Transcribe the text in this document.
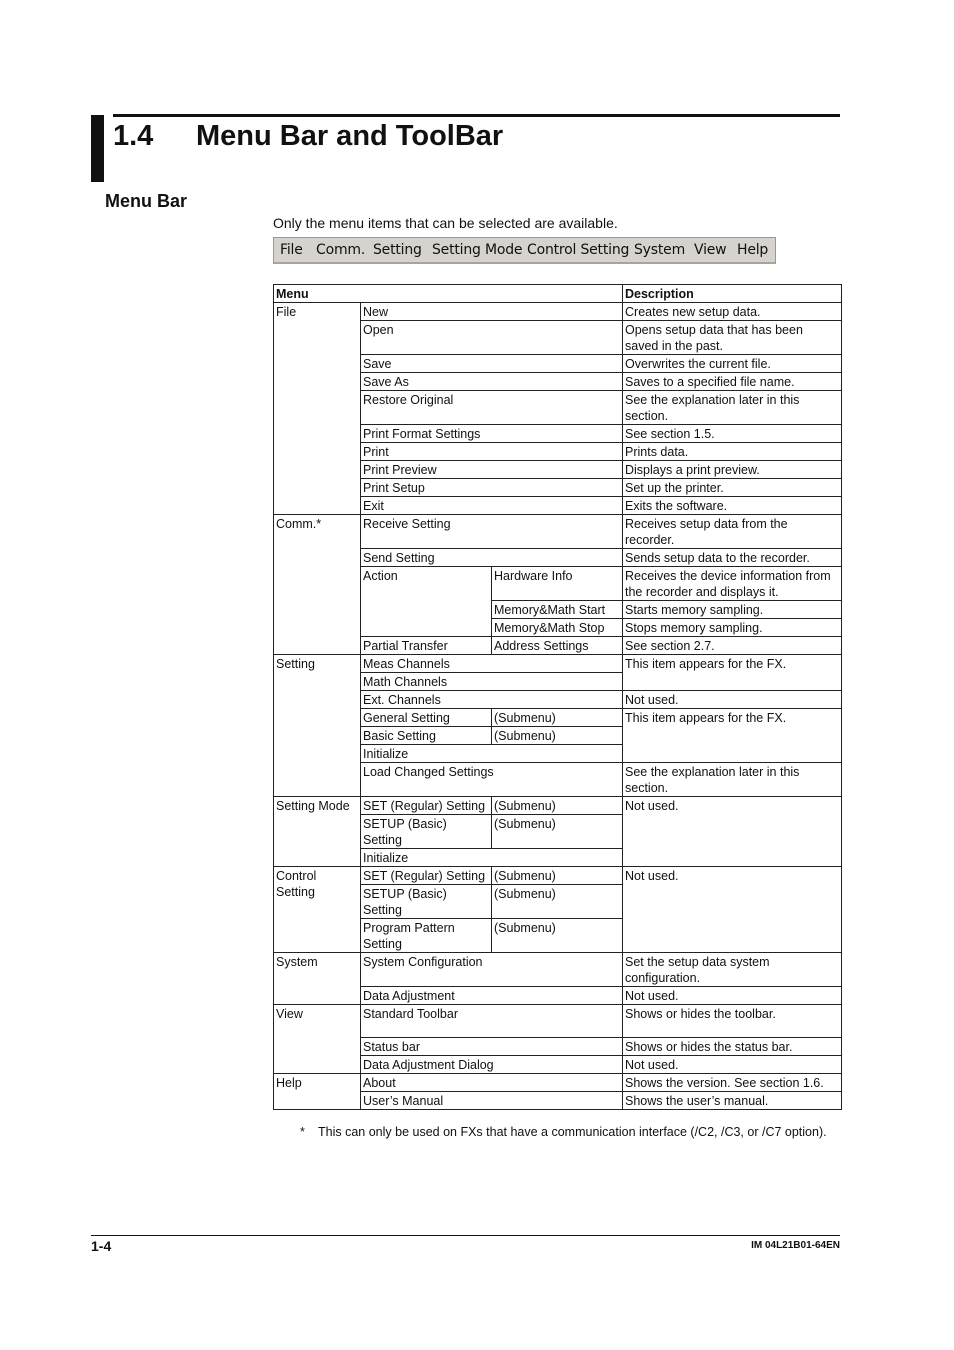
1.4 Menu Bar and ToolBar
Menu Bar
Only the menu items that can be selected are available.
File Comm. Setting Setting Mode Control Setting System View Help
Menu			Description
File	New		Creates new setup data.
	Open		Opens setup data that has been saved in the past.
	Save		Overwrites the current file.
	Save As		Saves to a specified file name.
	Restore Original		See the explanation later in this section.
	Print Format Settings		See section 1.5.
	Print		Prints data.
	Print Preview		Displays a print preview.
	Print Setup		Set up the printer.
	Exit		Exits the software.
Comm.*	Receive Setting		Receives setup data from the recorder.
	Send Setting		Sends setup data to the recorder.
	Action	Hardware Info	Receives the device information from the recorder and displays it.
		Memory&Math Start	Starts memory sampling.
		Memory&Math Stop	Stops memory sampling.
	Partial Transfer	Address Settings	See section 2.7.
Setting	Meas Channels		This item appears for the FX.
	Math Channels		
	Ext. Channels		Not used.
	General Setting	(Submenu)	This item appears for the FX.
	Basic Setting	(Submenu)	
	Initialize		
	Load Changed Settings		See the explanation later in this section.
Setting Mode	SET (Regular) Setting	(Submenu)	Not used.
	SETUP (Basic) Setting	(Submenu)	
	Initialize		
Control Setting	SET (Regular) Setting	(Submenu)	Not used.
	SETUP (Basic) Setting	(Submenu)	
	Program Pattern Setting	(Submenu)	
System	System Configuration		Set the setup data system configuration.
	Data Adjustment		Not used.
View	Standard Toolbar		Shows or hides the toolbar.
	Status bar		Shows or hides the status bar.
	Data Adjustment Dialog		Not used.
Help	About		Shows the version. See section 1.6.
	User’s Manual		Shows the user’s manual.
* This can only be used on FXs that have a communication interface (/C2, /C3, or /C7 option).
1-4	IM 04L21B01-64EN
